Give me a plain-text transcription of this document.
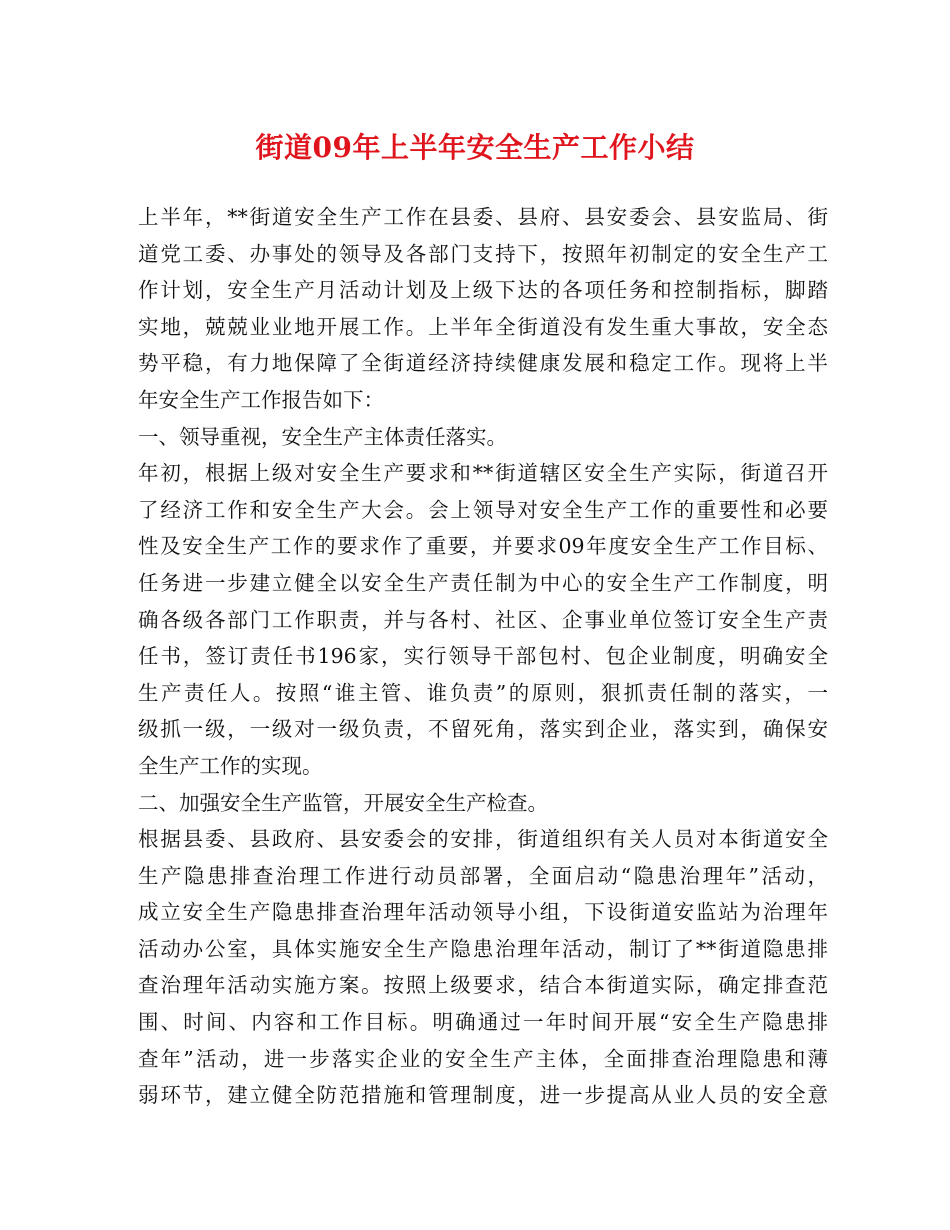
街道09年上半年安全生产工作小结
上半年，**街道安全生产工作在县委、县府、县安委会、县安监局、街
道党工委、办事处的领导及各部门支持下，按照年初制定的安全生产工
作计划，安全生产月活动计划及上级下达的各项任务和控制指标，脚踏
实地，兢兢业业地开展工作。上半年全街道没有发生重大事故，安全态
势平稳，有力地保障了全街道经济持续健康发展和稳定工作。现将上半
年安全生产工作报告如下：
一、领导重视，安全生产主体责任落实。
年初，根据上级对安全生产要求和**街道辖区安全生产实际，街道召开
了经济工作和安全生产大会。会上领导对安全生产工作的重要性和必要
性及安全生产工作的要求作了重要，并要求09年度安全生产工作目标、
任务进一步建立健全以安全生产责任制为中心的安全生产工作制度，明
确各级各部门工作职责，并与各村、社区、企事业单位签订安全生产责
任书，签订责任书196家，实行领导干部包村、包企业制度，明确安全
生产责任人。按照“谁主管、谁负责”的原则，狠抓责任制的落实，一
级抓一级，一级对一级负责，不留死角，落实到企业，落实到，确保安
全生产工作的实现。
二、加强安全生产监管，开展安全生产检查。
根据县委、县政府、县安委会的安排，街道组织有关人员对本街道安全
生产隐患排查治理工作进行动员部署，全面启动“隐患治理年”活动，
成立安全生产隐患排查治理年活动领导小组，下设街道安监站为治理年
活动办公室，具体实施安全生产隐患治理年活动，制订了**街道隐患排
查治理年活动实施方案。按照上级要求，结合本街道实际，确定排查范
围、时间、内容和工作目标。明确通过一年时间开展“安全生产隐患排
查年”活动，进一步落实企业的安全生产主体，全面排查治理隐患和薄
弱环节，建立健全防范措施和管理制度，进一步提高从业人员的安全意
